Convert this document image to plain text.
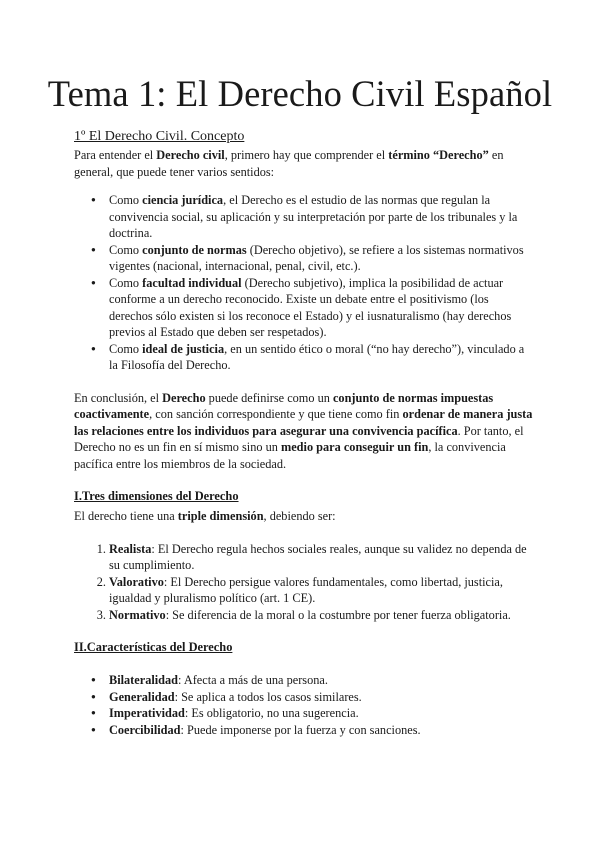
Tema 1: El Derecho Civil Español
1º El Derecho Civil. Concepto

Para entender el Derecho civil, primero hay que comprender el término “Derecho” en general, que puede tener varios sentidos:

● Como ciencia jurídica, el Derecho es el estudio de las normas que regulan la convivencia social, su aplicación y su interpretación por parte de los tribunales y la doctrina.
● Como conjunto de normas (Derecho objetivo), se refiere a los sistemas normativos vigentes (nacional, internacional, penal, civil, etc.).
● Como facultad individual (Derecho subjetivo), implica la posibilidad de actuar conforme a un derecho reconocido. Existe un debate entre el positivismo (los derechos sólo existen si los reconoce el Estado) y el iusnaturalismo (hay derechos previos al Estado que deben ser respetados).
● Como ideal de justicia, en un sentido ético o moral (“no hay derecho”), vinculado a la Filosofía del Derecho.

En conclusión, el Derecho puede definirse como un conjunto de normas impuestas coactivamente, con sanción correspondiente y que tiene como fin ordenar de manera justa las relaciones entre los individuos para asegurar una convivencia pacífica. Por tanto, el Derecho no es un fin en sí mismo sino un medio para conseguir un fin, la convivencia pacífica entre los miembros de la sociedad.

I.Tres dimensiones del Derecho

El derecho tiene una triple dimensión, debiendo ser:

1. Realista: El Derecho regula hechos sociales reales, aunque su validez no dependa de su cumplimiento.
2. Valorativo: El Derecho persigue valores fundamentales, como libertad, justicia, igualdad y pluralismo político (art. 1 CE).
3. Normativo: Se diferencia de la moral o la costumbre por tener fuerza obligatoria.
II.Características del Derecho
● Bilateralidad: Afecta a más de una persona.
● Generalidad: Se aplica a todos los casos similares.
● Imperatividad: Es obligatorio, no una sugerencia.
● Coercibilidad: Puede imponerse por la fuerza y con sanciones.
